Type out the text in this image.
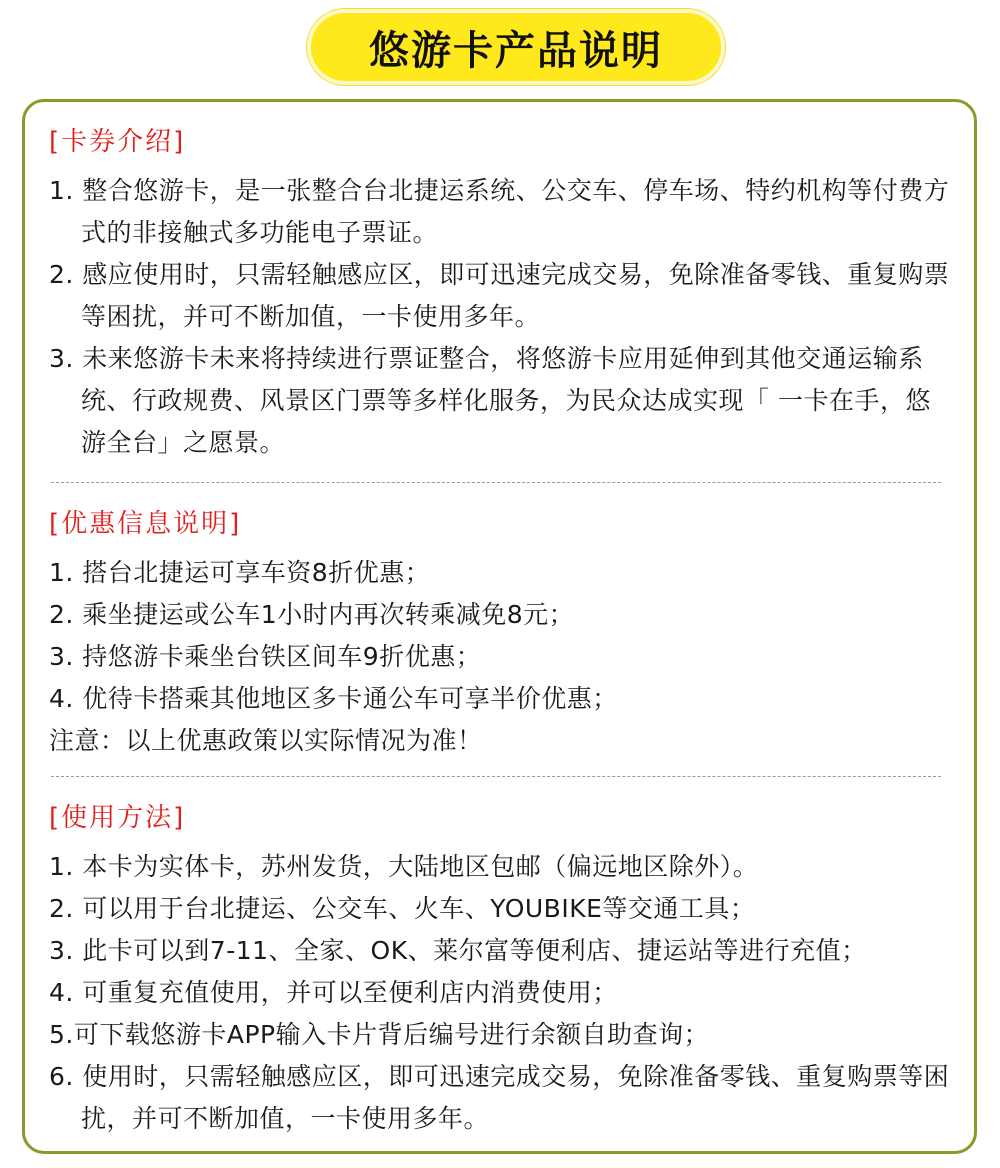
悠游卡产品说明
[卡券介绍]
1. 整合悠游卡，是一张整合台北捷运系统、公交车、停车场、特约机构等付费方式的非接触式多功能电子票证。
2. 感应使用时，只需轻触感应区，即可迅速完成交易，免除准备零钱、重复购票等困扰，并可不断加值，一卡使用多年。
3. 未来悠游卡未来将持续进行票证整合，将悠游卡应用延伸到其他交通运输系统、行政规费、风景区门票等多样化服务，为民众达成实现「 一卡在手，悠游全台」之愿景。
[优惠信息说明]
1. 搭台北捷运可享车资8折优惠；
2. 乘坐捷运或公车1小时内再次转乘减免8元；
3. 持悠游卡乘坐台铁区间车9折优惠；
4. 优待卡搭乘其他地区多卡通公车可享半价优惠；
注意：以上优惠政策以实际情况为准！
[使用方法]
1. 本卡为实体卡，苏州发货，大陆地区包邮（偏远地区除外）。
2. 可以用于台北捷运、公交车、火车、YOUBIKE等交通工具；
3. 此卡可以到7-11、全家、OK、莱尔富等便利店、捷运站等进行充值；
4. 可重复充值使用，并可以至便利店内消费使用；
5.可下载悠游卡APP输入卡片背后编号进行余额自助查询；
6. 使用时，只需轻触感应区，即可迅速完成交易，免除准备零钱、重复购票等困扰，并可不断加值，一卡使用多年。
